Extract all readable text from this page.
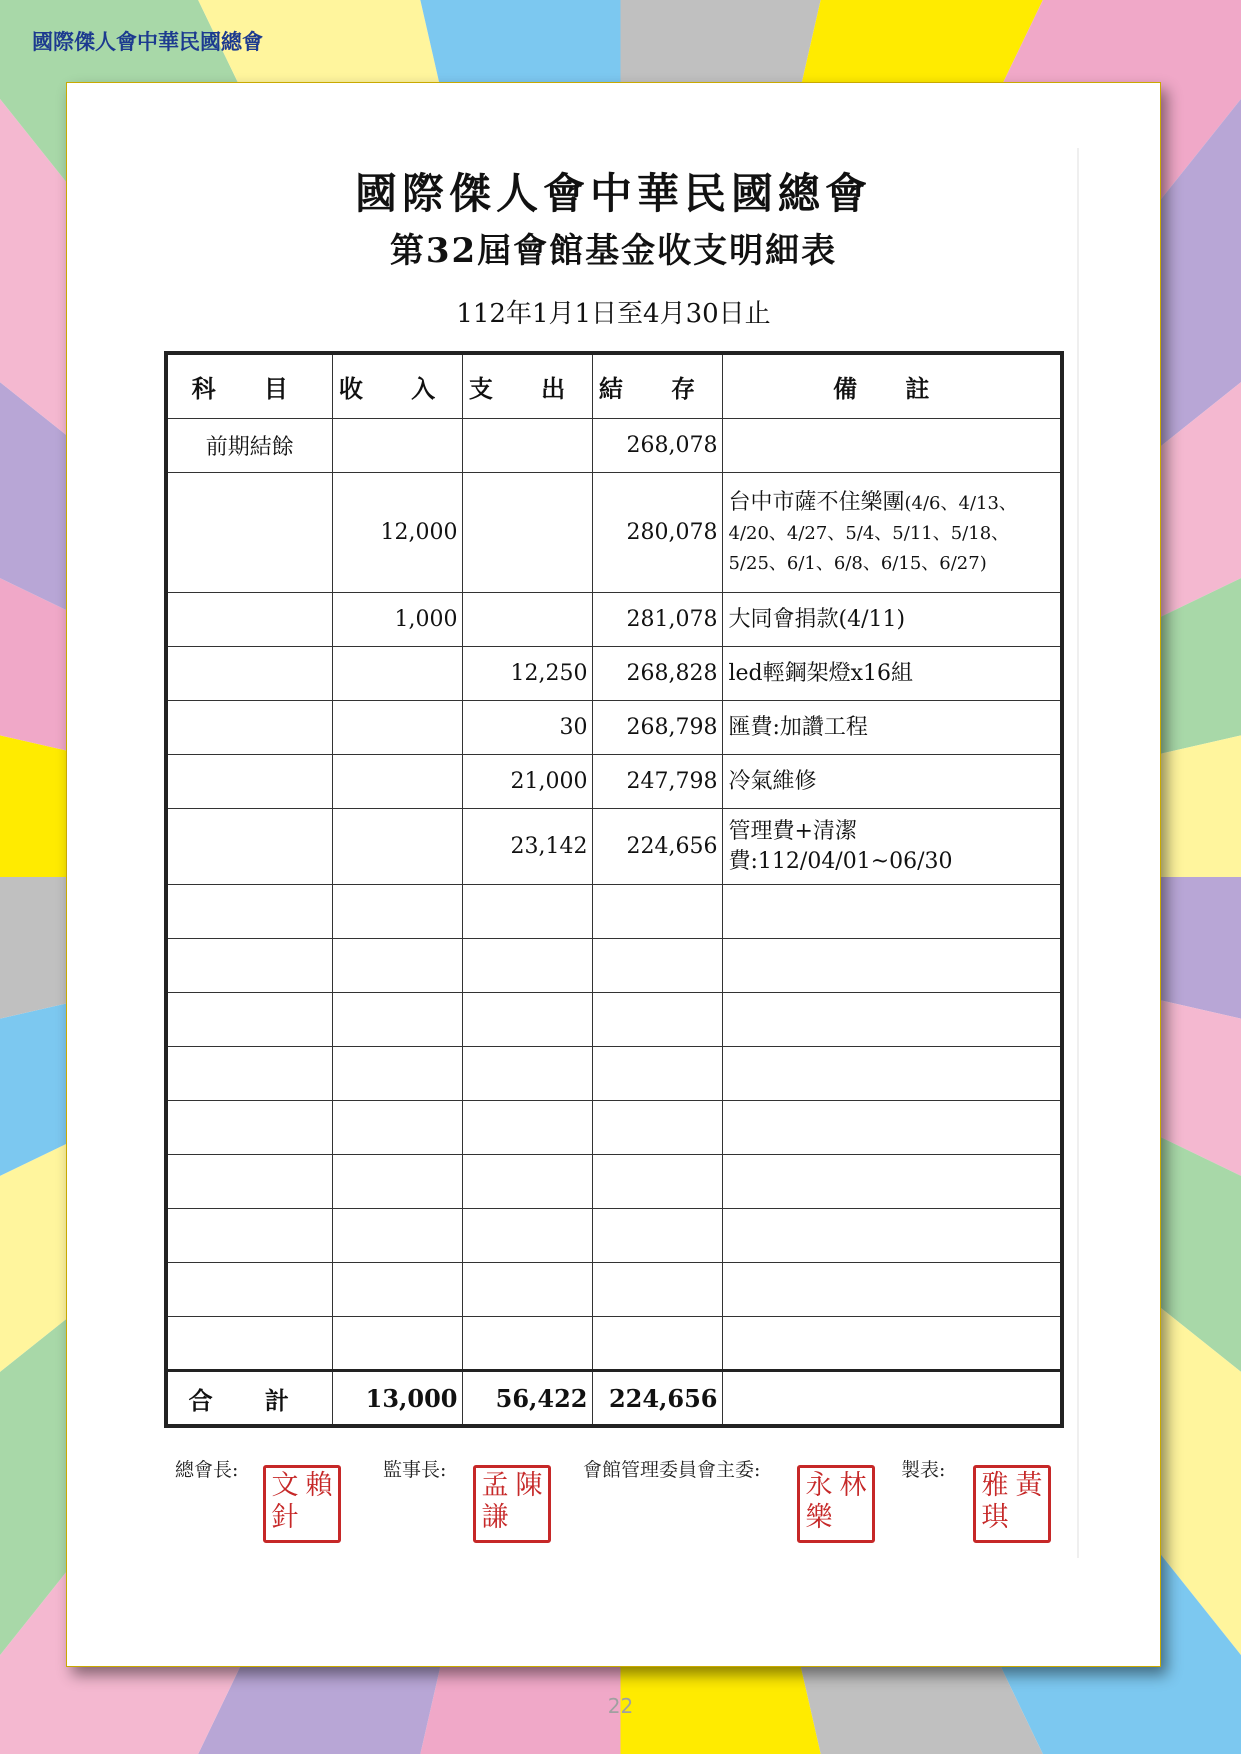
國際傑人會中華民國總會
國際傑人會中華民國總會
第32屆會館基金收支明細表
112年1月1日至4月30日止
科 目	收 入	支 出	結 存	備 註
前期結餘			268,078	
	12,000		280,078	台中市薩不住樂團(4/6、4/13、4/20、4/27、5/4、5/11、5/18、5/25、6/1、6/8、6/15、6/27)
	1,000		281,078	大同會捐款(4/11)
		12,250	268,828	led輕鋼架燈x16組
		30	268,798	匯費:加讚工程
		21,000	247,798	冷氣維修
		23,142	224,656	管理費+清潔費:112/04/01~06/30

合 計	13,000	56,422	224,656	
總會長: 賴
文針
監事長:	陳
孟謙
會館管理委員會主委:	林
永樂
製表:	黃
雅琪
22
